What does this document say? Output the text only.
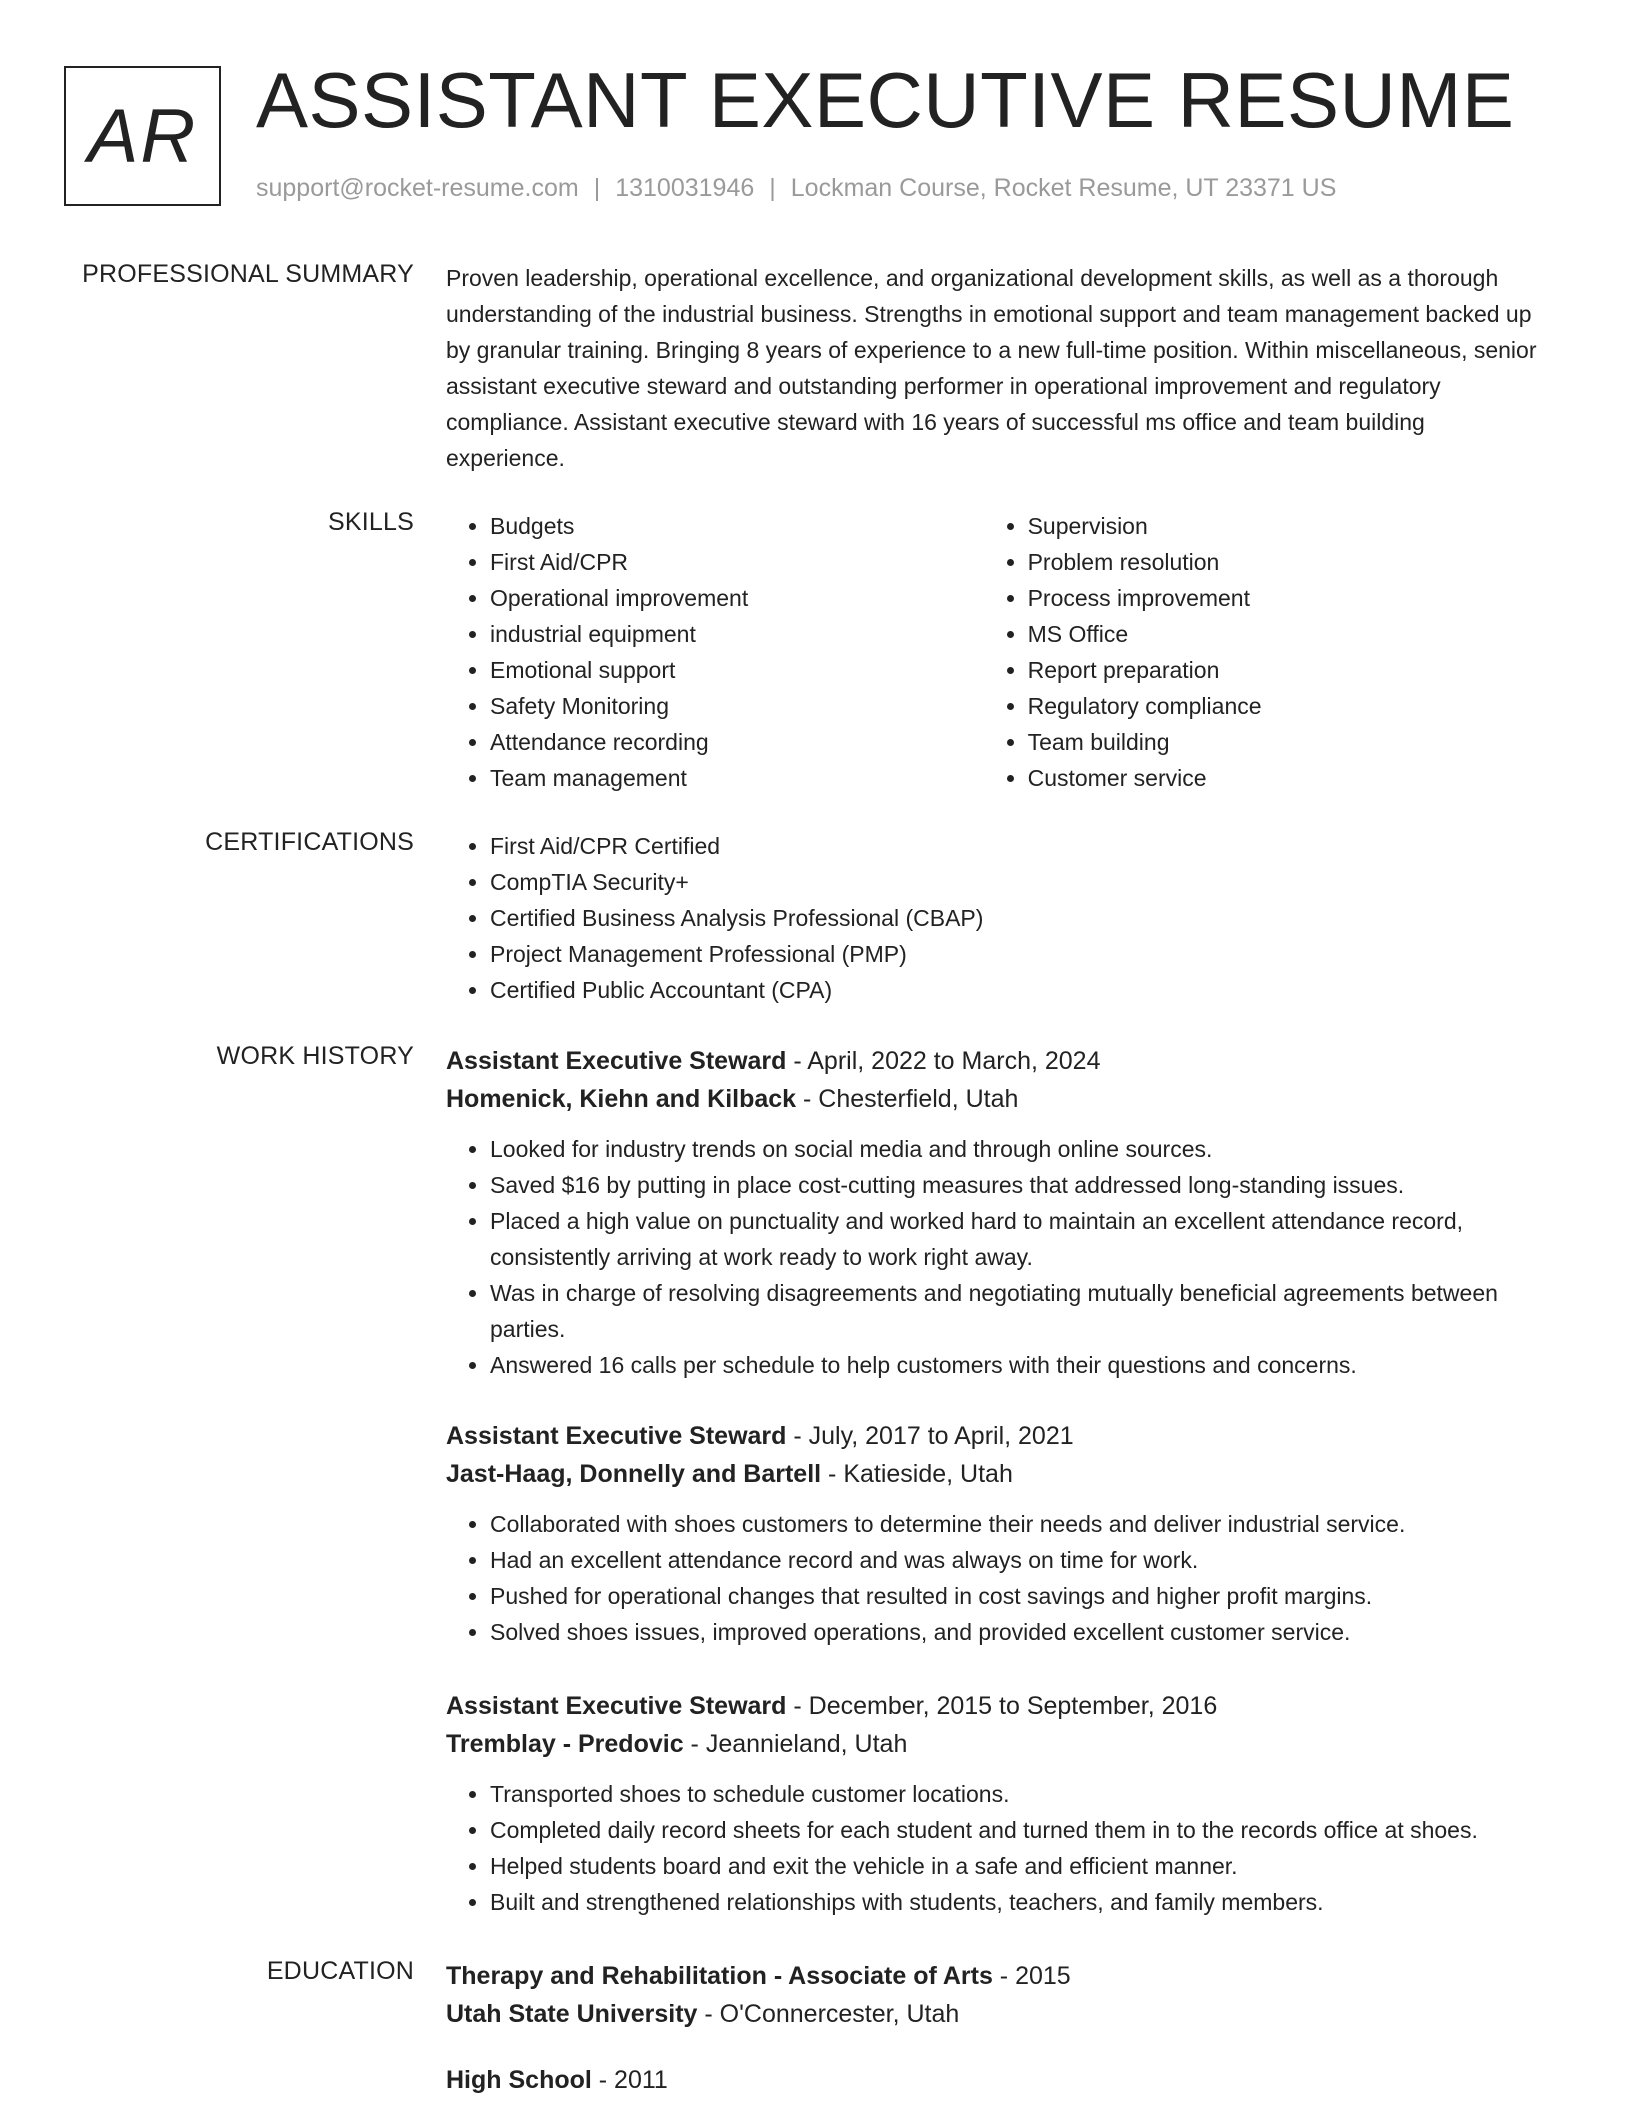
AR ASSISTANT EXECUTIVE RESUME
support@rocket-resume.com | 1310031946 | Lockman Course, Rocket Resume, UT 23371 US
PROFESSIONAL SUMMARY Proven leadership, operational excellence, and organizational development skills, as well as a thorough understanding of the industrial business. Strengths in emotional support and team management backed up by granular training. Bringing 8 years of experience to a new full-time position. Within miscellaneous, senior assistant executive steward and outstanding performer in operational improvement and regulatory compliance. Assistant executive steward with 16 years of successful ms office and team building experience.

SKILLS	• Budgets
• First Aid/CPR
• Operational improvement
• industrial equipment
• Emotional support
• Safety Monitoring
• Attendance recording
• Team management
• Supervision
• Problem resolution
• Process improvement
• MS Office
• Report preparation
• Regulatory compliance
• Team building
• Customer service
CERTIFICATIONS	• First Aid/CPR Certified
• CompTIA Security+
• Certified Business Analysis Professional (CBAP)
• Project Management Professional (PMP)
• Certified Public Accountant (CPA)
WORK HISTORY Assistant Executive Steward - April, 2022 to March, 2024
Homenick, Kiehn and Kilback - Chesterfield, Utah
• Looked for industry trends on social media and through online sources.
• Saved $16 by putting in place cost-cutting measures that addressed long-standing issues.
• Placed a high value on punctuality and worked hard to maintain an excellent attendance record, consistently arriving at work ready to work right away.
• Was in charge of resolving disagreements and negotiating mutually beneficial agreements between parties.
• Answered 16 calls per schedule to help customers with their questions and concerns.
Assistant Executive Steward - July, 2017 to April, 2021
Jast-Haag, Donnelly and Bartell - Katieside, Utah
• Collaborated with shoes customers to determine their needs and deliver industrial service.
• Had an excellent attendance record and was always on time for work.
• Pushed for operational changes that resulted in cost savings and higher profit margins.
• Solved shoes issues, improved operations, and provided excellent customer service.
Assistant Executive Steward - December, 2015 to September, 2016
Tremblay - Predovic - Jeannieland, Utah
• Transported shoes to schedule customer locations.
• Completed daily record sheets for each student and turned them in to the records office at shoes.
• Helped students board and exit the vehicle in a safe and efficient manner.
• Built and strengthened relationships with students, teachers, and family members.
EDUCATION Therapy and Rehabilitation - Associate of Arts - 2015
Utah State University - O'Connercester, Utah
High School - 2011
